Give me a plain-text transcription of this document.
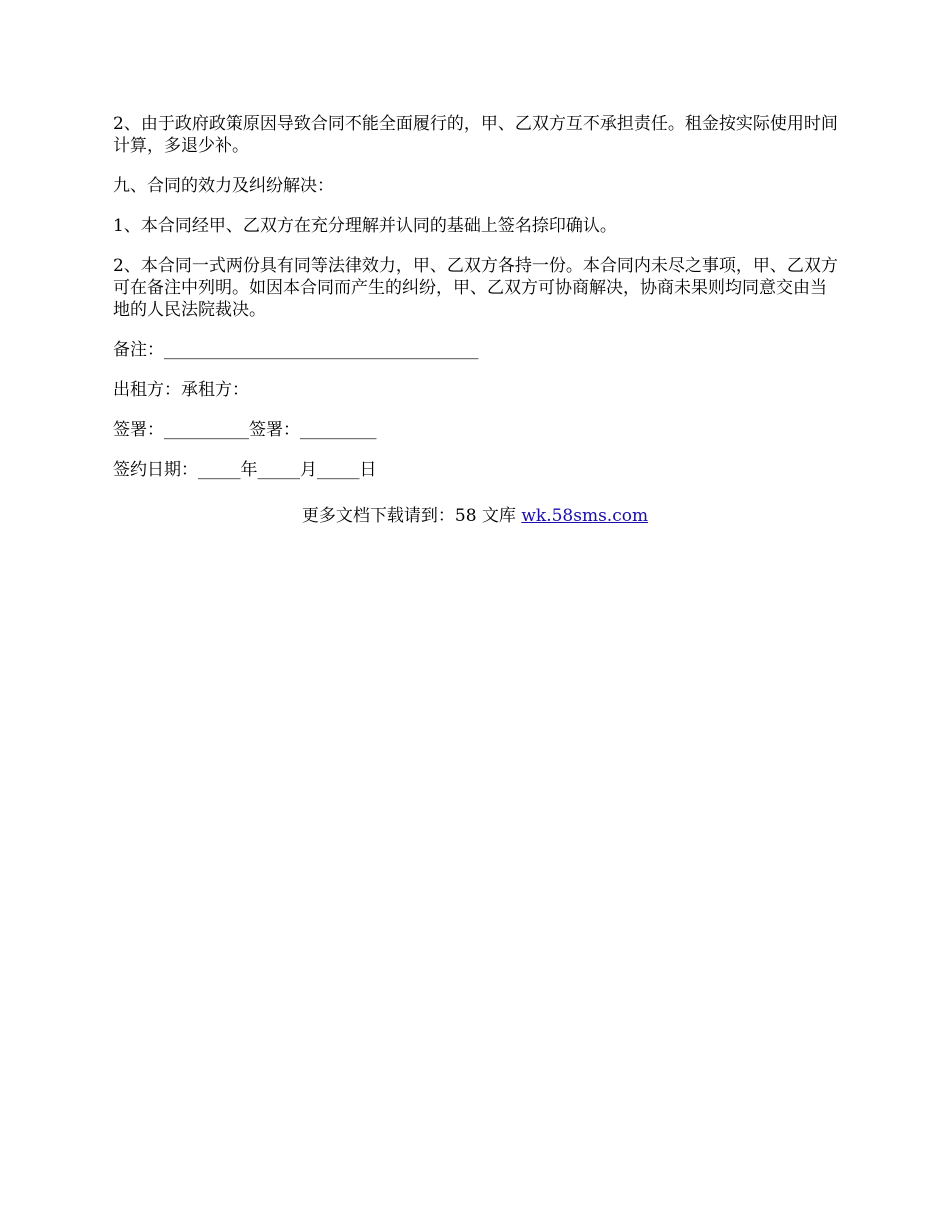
2、由于政府政策原因导致合同不能全面履行的，甲、乙双方互不承担责任。租金按实际使用时间计算，多退少补。

九、合同的效力及纠纷解决：

1、本合同经甲、乙双方在充分理解并认同的基础上签名捺印确认。

2、本合同一式两份具有同等法律效力，甲、乙双方各持一份。本合同内未尽之事项，甲、乙双方可在备注中列明。如因本合同而产生的纠纷，甲、乙双方可协商解决，协商未果则均同意交由当地的人民法院裁决。

备注：_____________________________________

出租方：承租方：

签署：__________签署：_________

签约日期：_____年_____月_____日

更多文档下载请到：58 文库 wk.58sms.com
